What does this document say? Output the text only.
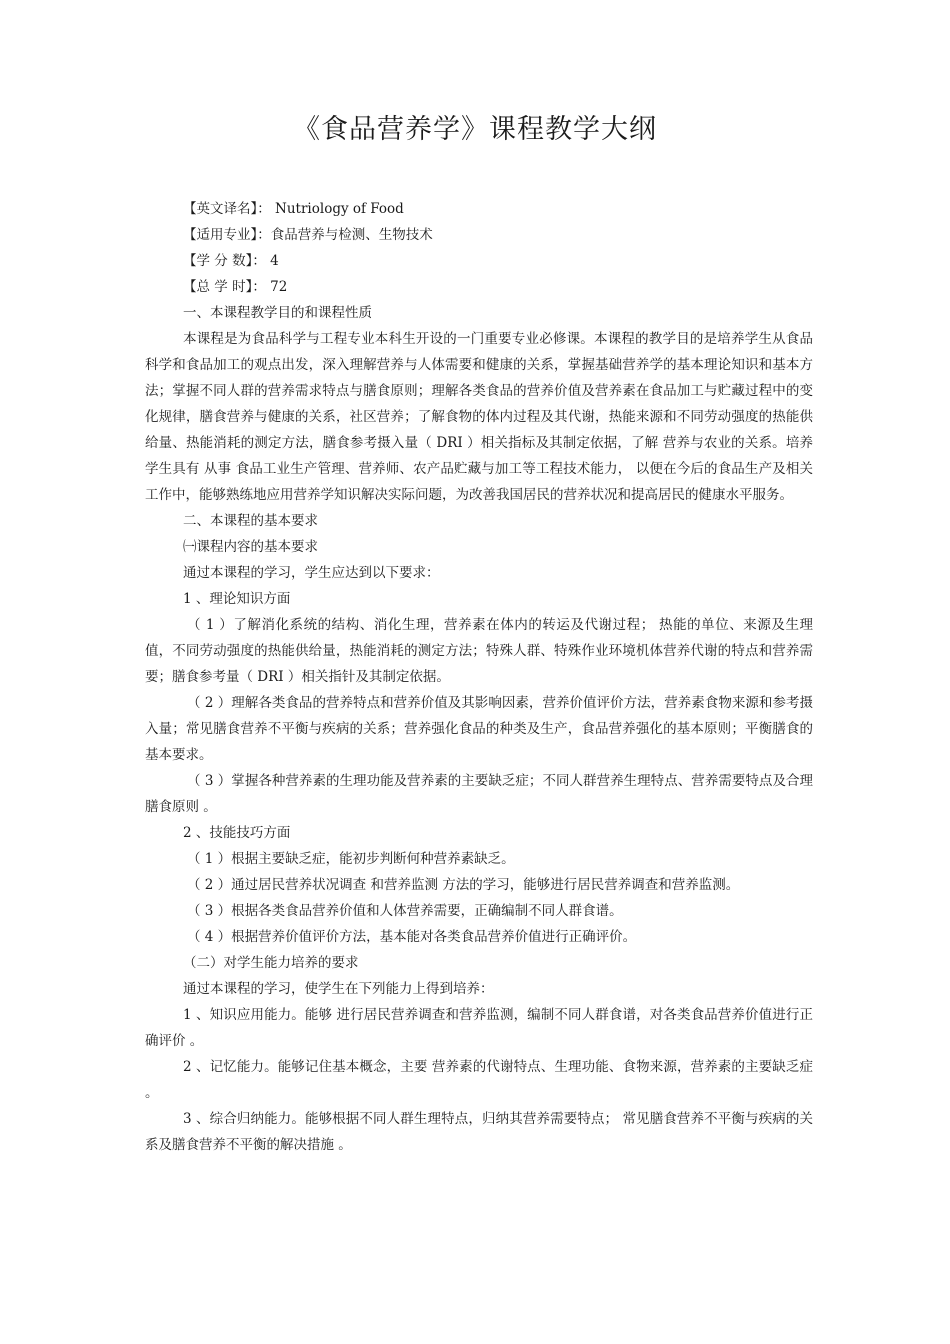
《食品营养学》课程教学大纲

【英文译名】： Nutriology of Food

【适用专业】：食品营养与检测、生物技术

【学 分 数】： 4

【总 学 时】： 72

一、本课程教学目的和课程性质

本课程是为食品科学与工程专业本科生开设的一门重要专业必修课。本课程的教学目的是培养学生从食品科学和食品加工的观点出发，深入理解营养与人体需要和健康的关系，掌握基础营养学的基本理论知识和基本方法；掌握不同人群的营养需求特点与膳食原则；理解各类食品的营养价值及营养素在食品加工与贮藏过程中的变化规律，膳食营养与健康的关系，社区营养；了解食物的体内过程及其代谢，热能来源和不同劳动强度的热能供给量、热能消耗的测定方法，膳食参考摄入量（ DRI ）相关指标及其制定依据，了解 营养与农业的关系。培养学生具有 从事 食品工业生产管理、营养师、农产品贮藏与加工等工程技术能力， 以便在今后的食品生产及相关工作中，能够熟练地应用营养学知识解决实际问题，为改善我国居民的营养状况和提高居民的健康水平服务。

二、本课程的基本要求

㈠课程内容的基本要求

通过本课程的学习，学生应达到以下要求：

1 、理论知识方面

（ 1 ）了解消化系统的结构、消化生理，营养素在体内的转运及代谢过程； 热能的单位、来源及生理值，不同劳动强度的热能供给量，热能消耗的测定方法；特殊人群、特殊作业环境机体营养代谢的特点和营养需要；膳食参考量（ DRI ）相关指针及其制定依据。

（ 2 ）理解各类食品的营养特点和营养价值及其影响因素，营养价值评价方法，营养素食物来源和参考摄入量；常见膳食营养不平衡与疾病的关系；营养强化食品的种类及生产，食品营养强化的基本原则；平衡膳食的基本要求。

（ 3 ）掌握各种营养素的生理功能及营养素的主要缺乏症；不同人群营养生理特点、营养需要特点及合理膳食原则 。

2 、技能技巧方面

（ 1 ）根据主要缺乏症，能初步判断何种营养素缺乏。

（ 2 ）通过居民营养状况调查 和营养监测 方法的学习，能够进行居民营养调查和营养监测。

（ 3 ）根据各类食品营养价值和人体营养需要，正确编制不同人群食谱。

（ 4 ）根据营养价值评价方法，基本能对各类食品营养价值进行正确评价。

（二）对学生能力培养的要求

通过本课程的学习，使学生在下列能力上得到培养：

1 、知识应用能力。能够 进行居民营养调查和营养监测，编制不同人群食谱，对各类食品营养价值进行正确评价 。

2 、记忆能力。能够记住基本概念，主要 营养素的代谢特点、生理功能、食物来源，营养素的主要缺乏症 。

3 、综合归纳能力。能够根据不同人群生理特点，归纳其营养需要特点； 常见膳食营养不平衡与疾病的关系及膳食营养不平衡的解决措施 。
